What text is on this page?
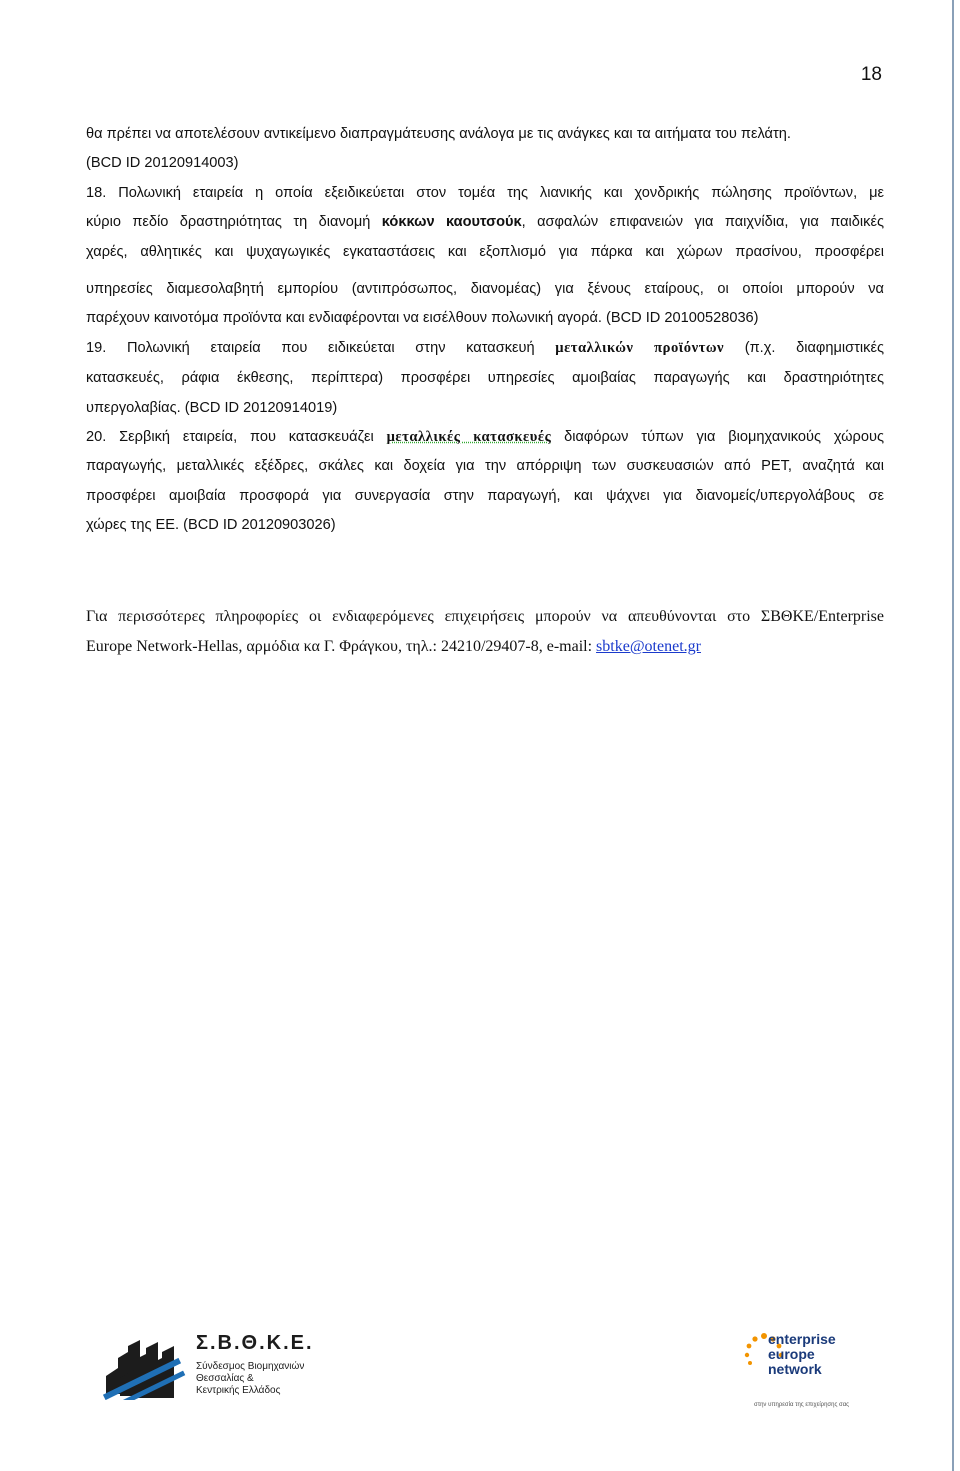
18
θα πρέπει να αποτελέσουν αντικείμενο διαπραγμάτευσης ανάλογα με τις ανάγκες και τα αιτήματα του πελάτη.
(BCD ID 20120914003)
18. Πολωνική εταιρεία η οποία εξειδικεύεται στον τομέα της λιανικής και χονδρικής πώλησης προϊόντων, με
κύριο πεδίο δραστηριότητας τη διανομή κόκκων καουτσούκ, ασφαλών επιφανειών για παιχνίδια, για παιδικές
χαρές, αθλητικές και ψυχαγωγικές εγκαταστάσεις και εξοπλισμό για πάρκα και χώρων πρασίνου, προσφέρει
υπηρεσίες διαμεσολαβητή εμπορίου (αντιπρόσωπος, διανομέας) για ξένους εταίρους, οι οποίοι μπορούν να
παρέχουν καινοτόμα προϊόντα και ενδιαφέρονται να εισέλθουν πολωνική αγορά. (BCD ID 20100528036)
19. Πολωνική εταιρεία που ειδικεύεται στην κατασκευή μεταλλικών προϊόντων (π.χ. διαφημιστικές
κατασκευές, ράφια έκθεσης, περίπτερα) προσφέρει υπηρεσίες αμοιβαίας παραγωγής και δραστηριότητες
υπεργολαβίας. (BCD ID 20120914019)
20. Σερβική εταιρεία, που κατασκευάζει μεταλλικές κατασκευές διαφόρων τύπων για βιομηχανικούς χώρους
παραγωγής, μεταλλικές εξέδρες, σκάλες και δοχεία για την απόρριψη των συσκευασιών από PET, αναζητά και
προσφέρει αμοιβαία προσφορά για συνεργασία στην παραγωγή, και ψάχνει για διανομείς/υπεργολάβους σε
χώρες της ΕΕ. (BCD ID 20120903026)
Για περισσότερες πληροφορίες οι ενδιαφερόμενες επιχειρήσεις μπορούν να απευθύνονται στο ΣΒΘΚΕ/Enterprise
Europe Network-Hellas, αρμόδια κα Γ. Φράγκου, τηλ.: 24210/29407-8, e-mail: sbtke@otenet.gr
Σ.Β.Θ.Κ.Ε.
Σύνδεσμος Βιομηχανιών
Θεσσαλίας &
Κεντρικής Ελλάδος
enterprise
europe
network
στην υπηρεσία της επιχείρησης σας
